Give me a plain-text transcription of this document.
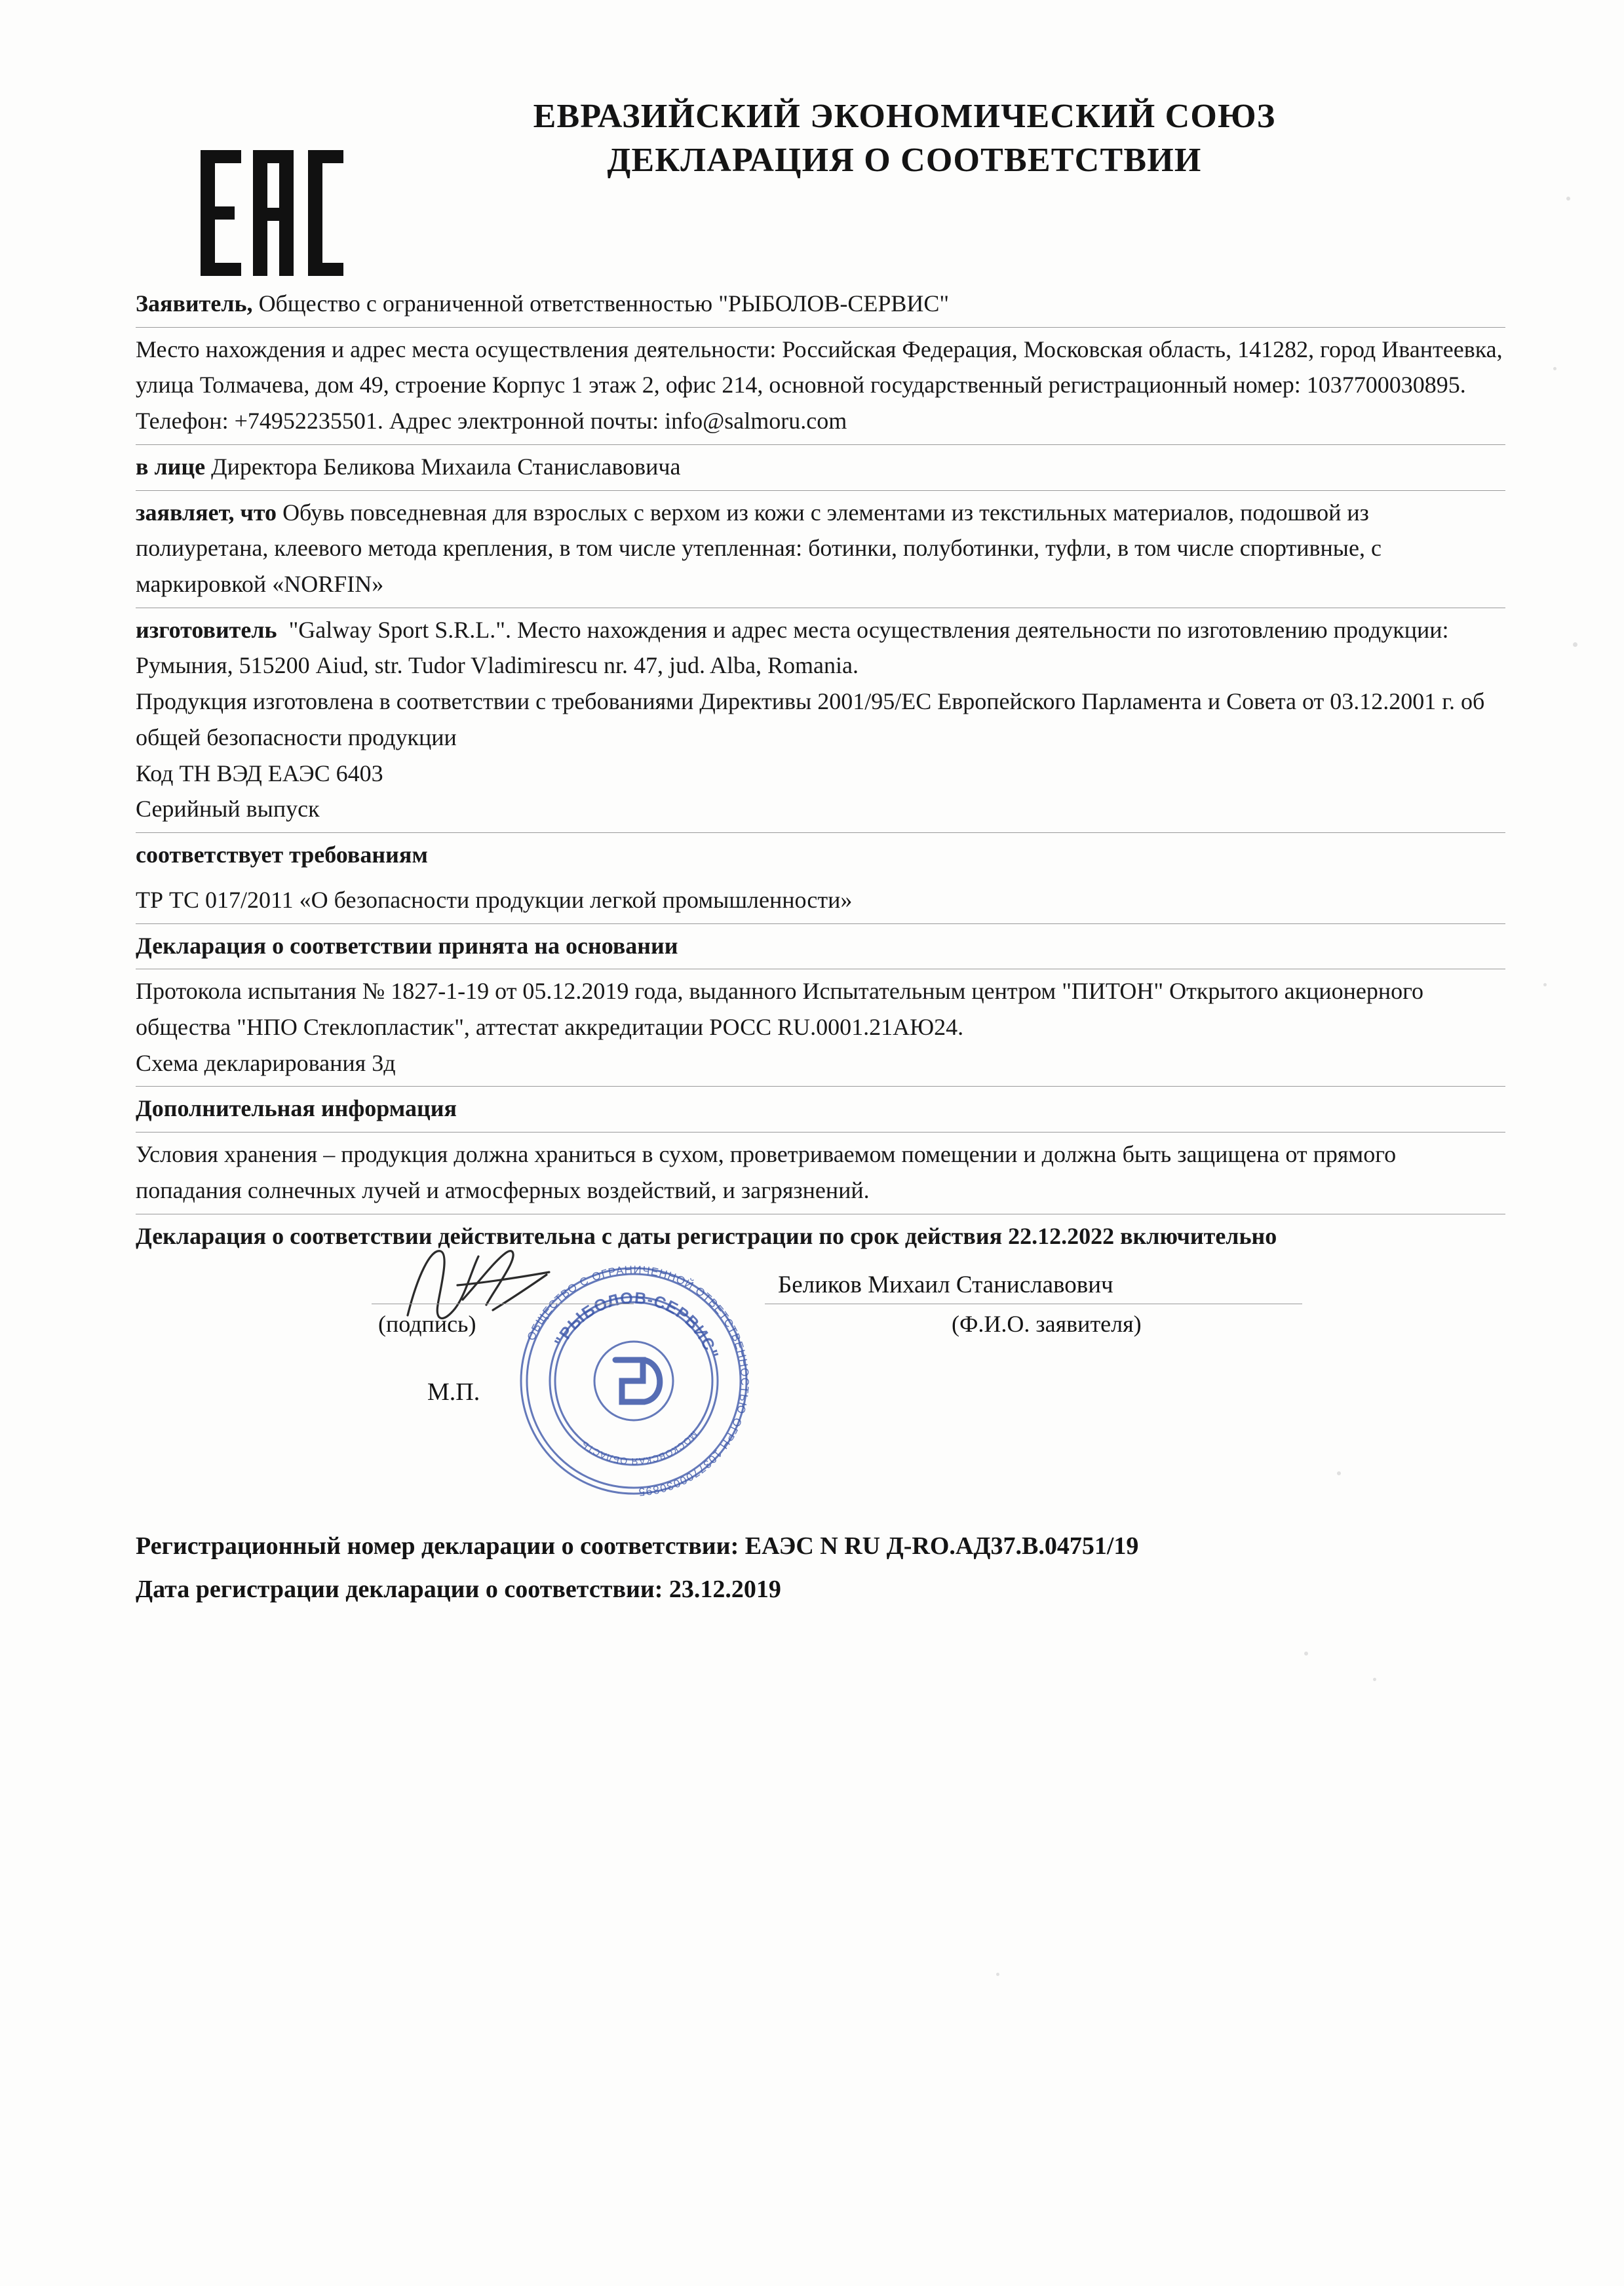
ЕВРАЗИЙСКИЙ ЭКОНОМИЧЕСКИЙ СОЮЗ
ДЕКЛАРАЦИЯ О СООТВЕТСТВИИ

Заявитель, Общество с ограниченной ответственностью "РЫБОЛОВ-СЕРВИС"

Место нахождения и адрес места осуществления деятельности: Российская Федерация, Московская область, 141282, город Ивантеевка, улица Толмачева, дом 49, строение Корпус 1 этаж 2, офис 214, основной государственный регистрационный номер: 1037700030895. Телефон: +74952235501. Адрес электронной почты: info@salmoru.com

в лице Директора Беликова Михаила Станиславовича

заявляет, что Обувь повседневная для взрослых с верхом из кожи с элементами из текстильных материалов, подошвой из полиуретана, клеевого метода крепления, в том числе утепленная: ботинки, полуботинки, туфли, в том числе спортивные, с маркировкой «NORFIN»

изготовитель "Galway Sport S.R.L.". Место нахождения и адрес места осуществления деятельности по изготовлению продукции: Румыния, 515200 Aiud, str. Tudor Vladimirescu nr. 47, jud. Alba, Romania.

Продукция изготовлена в соответствии с требованиями Директивы 2001/95/ЕС Европейского Парламента и Совета от 03.12.2001 г. об общей безопасности продукции

Код ТН ВЭД ЕАЭС 6403

Серийный выпуск

соответствует требованиям

ТР ТС 017/2011 «О безопасности продукции легкой промышленности»

Декларация о соответствии принята на основании

Протокола испытания № 1827-1-19 от 05.12.2019 года, выданного Испытательным центром "ПИТОН" Открытого акционерного общества "НПО Стеклопластик", аттестат аккредитации РОСС RU.0001.21АЮ24.

Схема декларирования 3д

Дополнительная информация

Условия хранения – продукция должна храниться в сухом, проветриваемом помещении и должна быть защищена от прямого попадания солнечных лучей и атмосферных воздействий, и загрязнений.

Декларация о соответствии действительна с даты регистрации по срок действия 22.12.2022 включительно

ОБЩЕСТВО С ОГРАНИЧЕННОЙ ОТВЕТСТВЕННОСТЬЮ ОГРН 1037700030895
"РЫБОЛОВ-СЕРВИС"
МОСКОВСКАЯ ОБЛАСТЬ
(подпись)
М.П.
Беликов Михаил Станиславович
(Ф.И.О. заявителя)
Регистрационный номер декларации о соответствии: ЕАЭС N RU Д-RO.АД37.В.04751/19
Дата регистрации декларации о соответствии: 23.12.2019
